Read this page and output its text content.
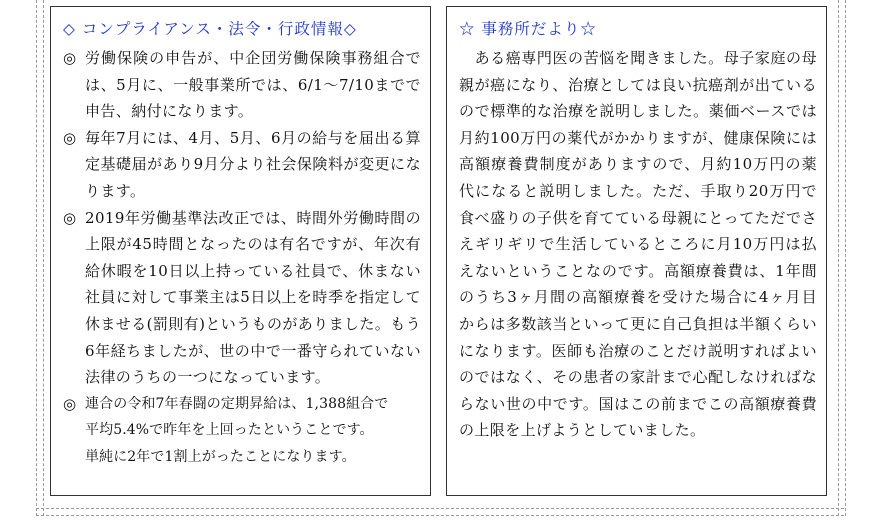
◇ コンプライアンス・法令・行政情報◇
◎ 労働保険の申告が、中企団労働保険事務組合では、5月に、一般事業所では、6/1～7/10までで申告、納付になります。
◎ 毎年7月には、4月、5月、6月の給与を届出る算定基礎届があり9月分より社会保険料が変更になります。
◎ 2019年労働基準法改正では、時間外労働時間の上限が45時間となったのは有名ですが、年次有給休暇を10日以上持っている社員で、休まない社員に対して事業主は5日以上を時季を指定して休ませる(罰則有)というものがありました。もう6年経ちましたが、世の中で一番守られていない法律のうちの一つになっています。
◎ 連合の令和7年春闘の定期昇給は、1,388組合で
平均5.4%で昨年を上回ったということです。
単純に2年で1割上がったことになります。
☆ 事務所だより☆
　ある癌専門医の苦悩を聞きました。母子家庭の母親が癌になり、治療としては良い抗癌剤が出ているので標準的な治療を説明しました。薬価ベースでは月約100万円の薬代がかかりますが、健康保険には高額療養費制度がありますので、月約10万円の薬代になると説明しました。ただ、手取り20万円で食べ盛りの子供を育てている母親にとってただでさえギリギリで生活しているところに月10万円は払えないということなのです。高額療養費は、1年間のうち3ヶ月間の高額療養を受けた場合に4ヶ月目からは多数該当といって更に自己負担は半額くらいになります。医師も治療のことだけ説明すればよいのではなく、その患者の家計まで心配しなければならない世の中です。国はこの前までこの高額療養費の上限を上げようとしていました。
